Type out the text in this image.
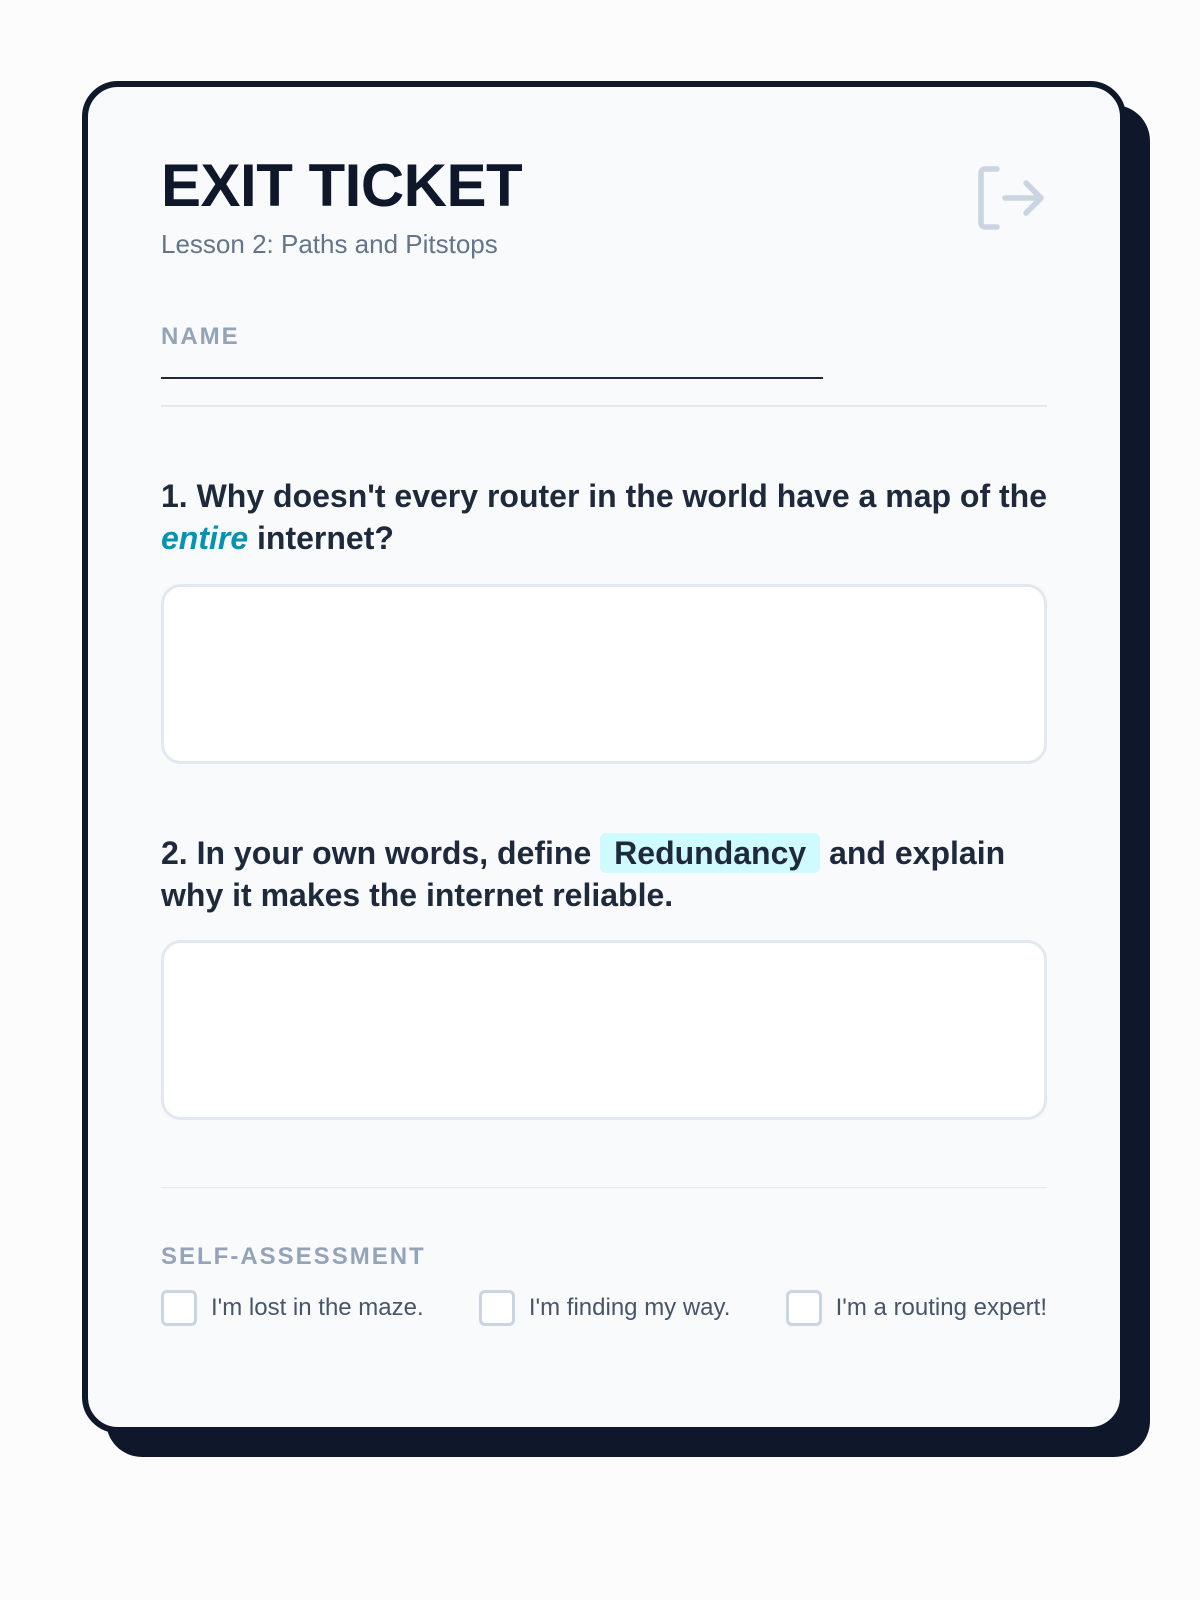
EXIT TICKET
Lesson 2: Paths and Pitstops
NAME
1. Why doesn't every router in the world have a map of the entire internet?
2. In your own words, define Redundancy and explain why it makes the internet reliable.
SELF-ASSESSMENT
I'm lost in the maze.	I'm finding my way.	I'm a routing expert!
